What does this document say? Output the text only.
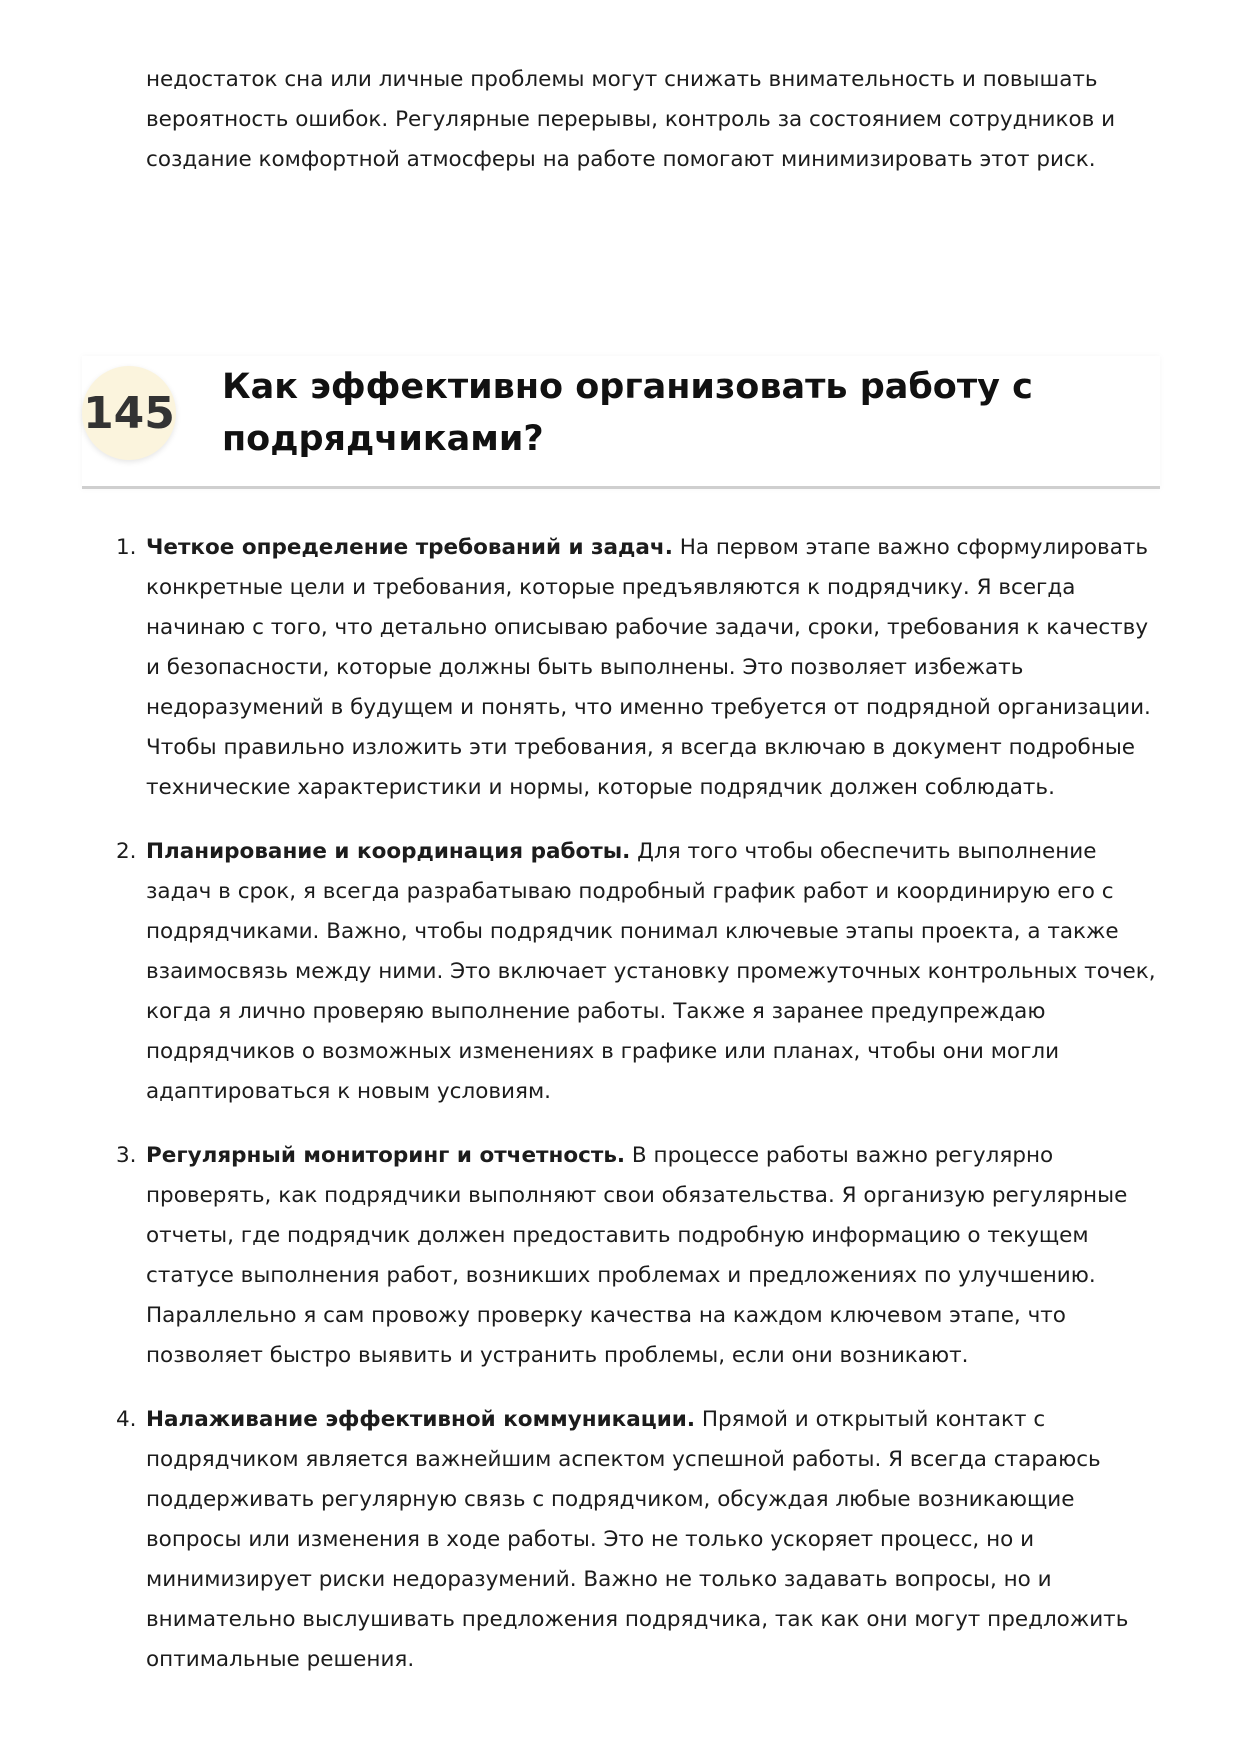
недостаток сна или личные проблемы могут снижать внимательность и повышать вероятность ошибок. Регулярные перерывы, контроль за состоянием сотрудников и создание комфортной атмосферы на работе помогают минимизировать этот риск.

145
Как эффективно организовать работу с подрядчиками?
1. Четкое определение требований и задач. На первом этапе важно сформулировать конкретные цели и требования, которые предъявляются к подрядчику. Я всегда начинаю с того, что детально описываю рабочие задачи, сроки, требования к качеству и безопасности, которые должны быть выполнены. Это позволяет избежать недоразумений в будущем и понять, что именно требуется от подрядной организации. Чтобы правильно изложить эти требования, я всегда включаю в документ подробные технические характеристики и нормы, которые подрядчик должен соблюдать.
2. Планирование и координация работы. Для того чтобы обеспечить выполнение задач в срок, я всегда разрабатываю подробный график работ и координирую его с подрядчиками. Важно, чтобы подрядчик понимал ключевые этапы проекта, а также взаимосвязь между ними. Это включает установку промежуточных контрольных точек, когда я лично проверяю выполнение работы. Также я заранее предупреждаю подрядчиков о возможных изменениях в графике или планах, чтобы они могли адаптироваться к новым условиям.
3. Регулярный мониторинг и отчетность. В процессе работы важно регулярно проверять, как подрядчики выполняют свои обязательства. Я организую регулярные отчеты, где подрядчик должен предоставить подробную информацию о текущем статусе выполнения работ, возникших проблемах и предложениях по улучшению. Параллельно я сам провожу проверку качества на каждом ключевом этапе, что позволяет быстро выявить и устранить проблемы, если они возникают.
4. Налаживание эффективной коммуникации. Прямой и открытый контакт с подрядчиком является важнейшим аспектом успешной работы. Я всегда стараюсь поддерживать регулярную связь с подрядчиком, обсуждая любые возникающие вопросы или изменения в ходе работы. Это не только ускоряет процесс, но и минимизирует риски недоразумений. Важно не только задавать вопросы, но и внимательно выслушивать предложения подрядчика, так как они могут предложить оптимальные решения.
